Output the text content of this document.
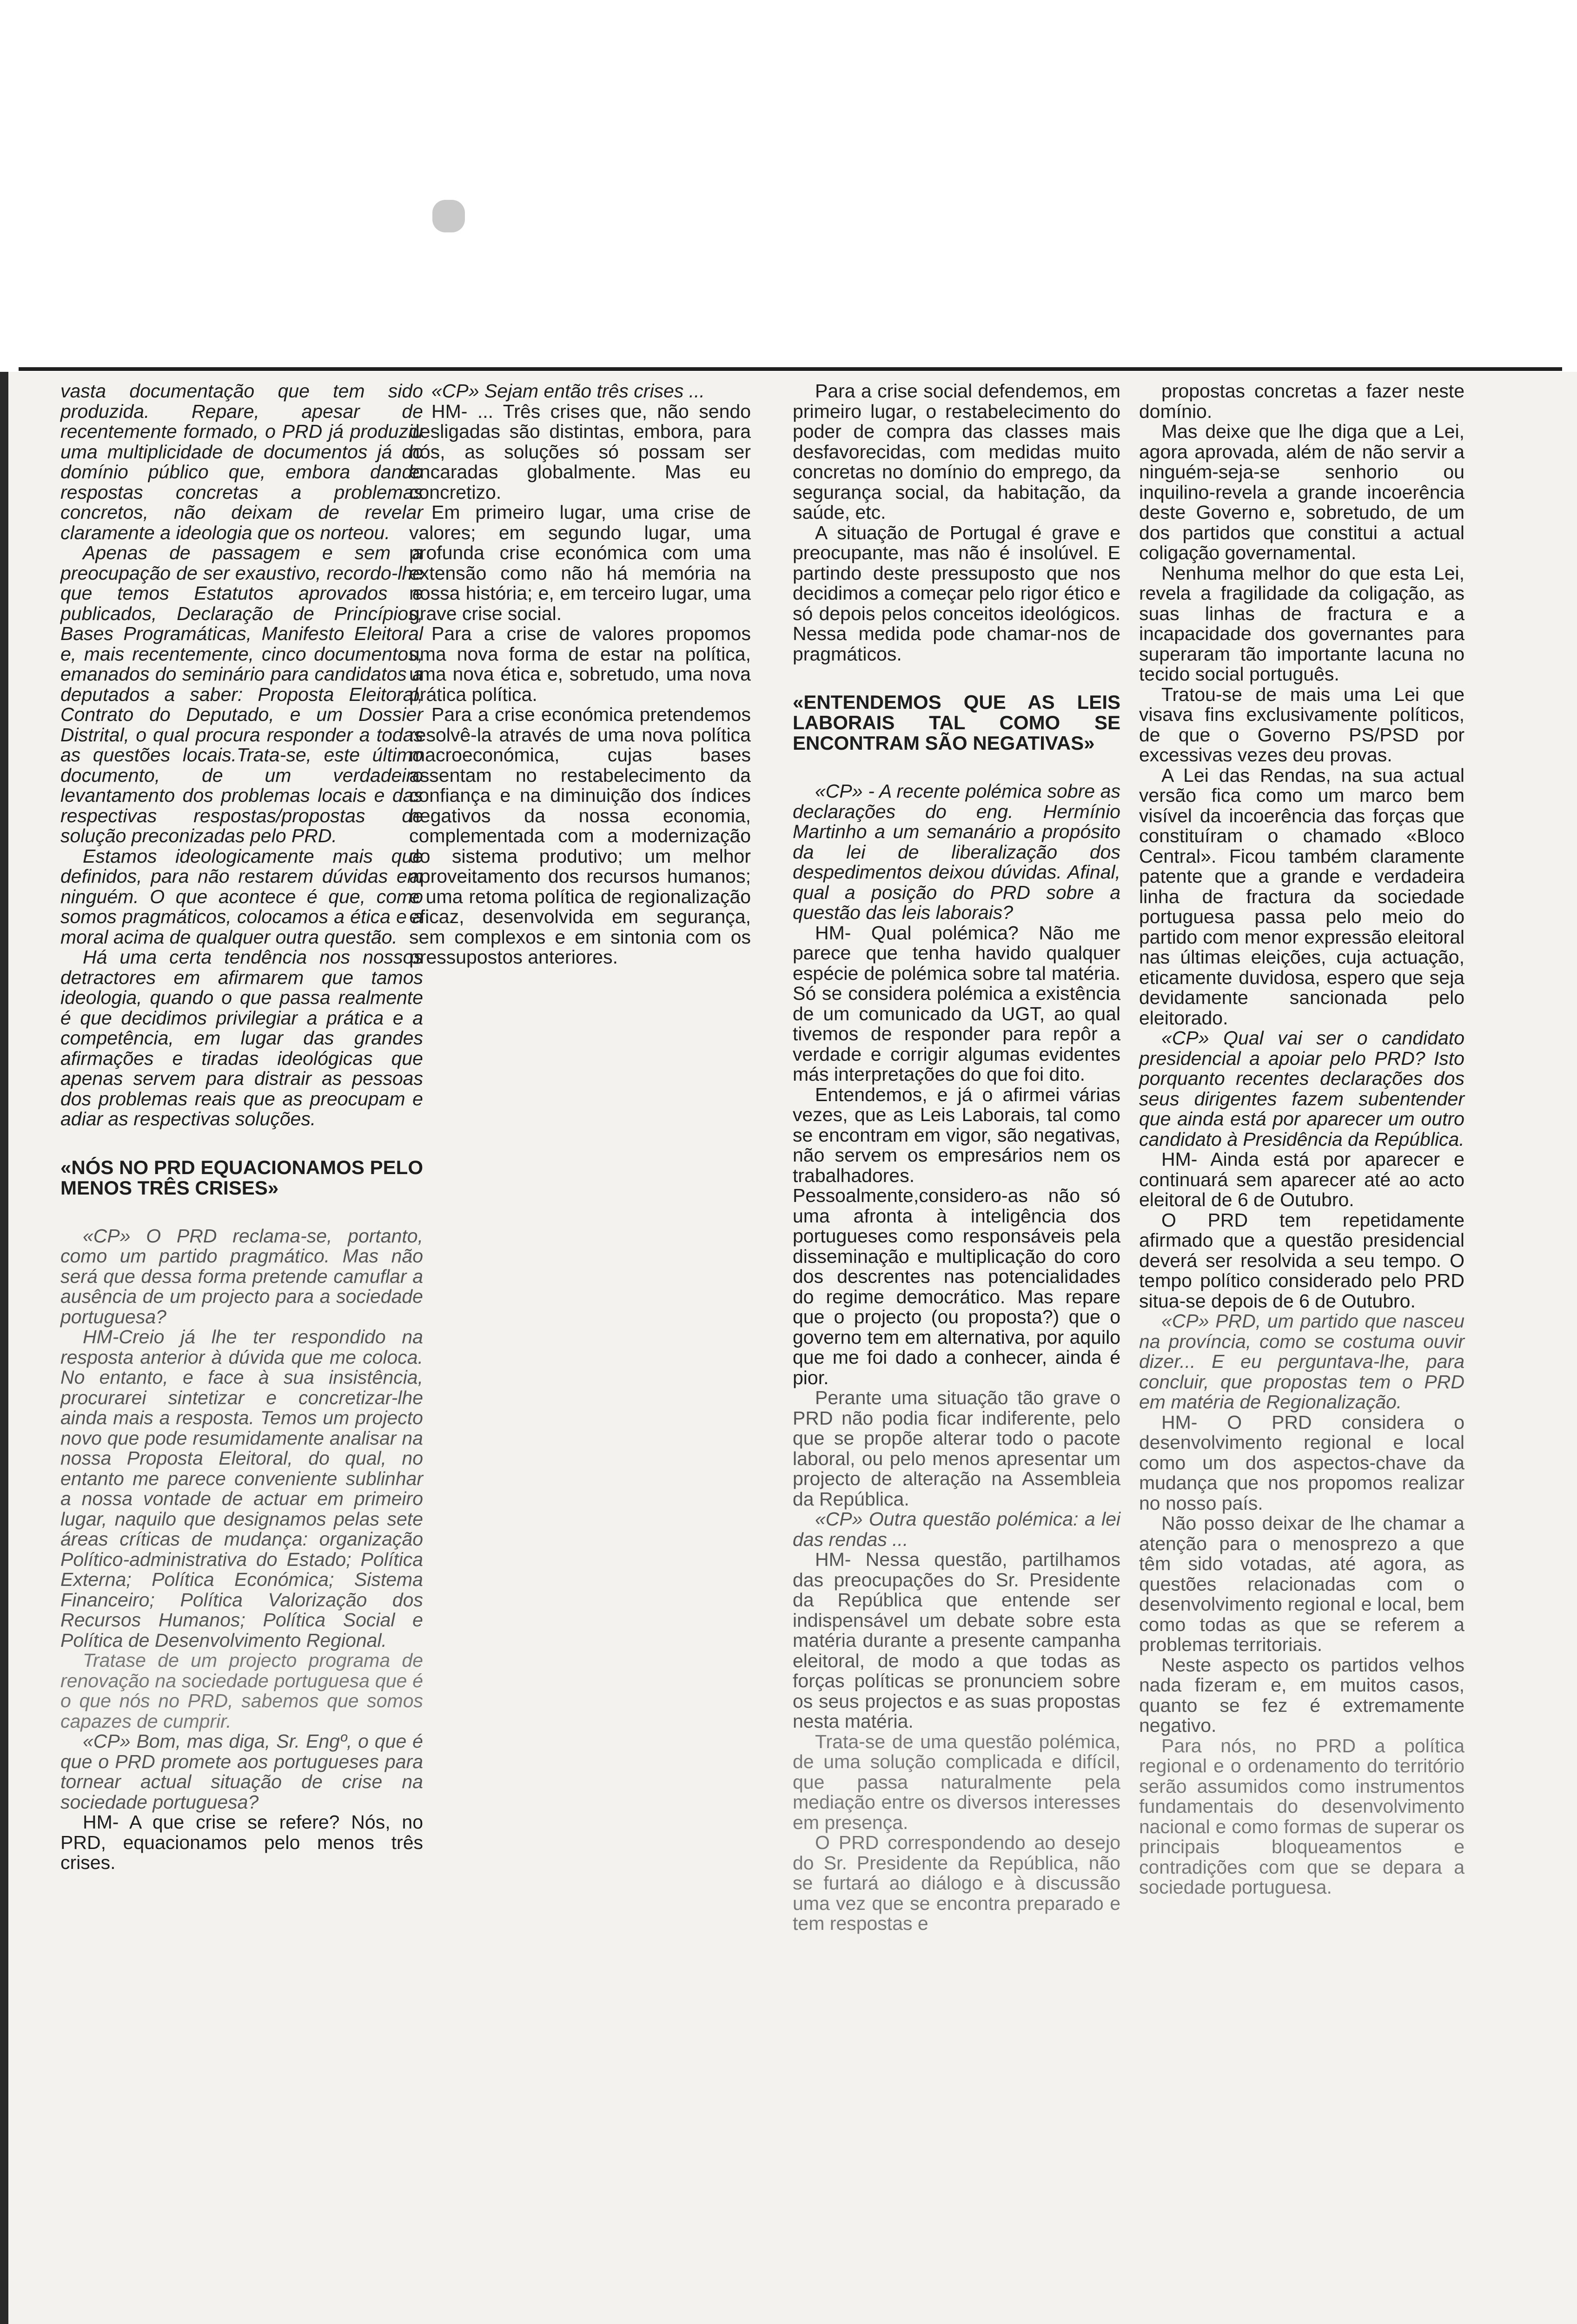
vasta documentação que tem sido produzida. Repare, apesar de recentemente formado, o PRD já produziu uma multiplicidade de documentos já do domínio público que, embora dando respostas concretas a problemas concretos, não deixam de revelar claramente a ideologia que os norteou.

Apenas de passagem e sem a preocupação de ser exaustivo, recordo-lhe que temos Estatutos aprovados e publicados, Declaração de Princípios, Bases Programáticas, Manifesto Eleitoral e, mais recentemente, cinco documentos, emanados do seminário para candidatos a deputados a saber: Proposta Eleitoral, Contrato do Deputado, e um Dossier Distrital, o qual procura responder a todas as questões locais.Trata-se, este último documento, de um verdadeiro levantamento dos problemas locais e das respectivas respostas/propostas de solução preconizadas pelo PRD.

Estamos ideologicamente mais que definidos, para não restarem dúvidas em ninguém. O que acontece é que, como somos pragmáticos, colocamos a ética e a moral acima de qualquer outra questão.

Há uma certa tendência nos nossos detractores em afirmarem que tamos ideologia, quando o que passa realmente é que decidimos privilegiar a prática e a competência, em lugar das grandes afirmações e tiradas ideológicas que apenas servem para distrair as pessoas dos problemas reais que as preocupam e adiar as respectivas soluções.

«NÓS NO PRD EQUACIONAMOS PELO MENOS TRÊS CRISES»

«CP» O PRD reclama-se, portanto, como um partido pragmático. Mas não será que dessa forma pretende camuflar a ausência de um projecto para a sociedade portuguesa?

HM-Creio já lhe ter respondido na resposta anterior à dúvida que me coloca. No entanto, e face à sua insistência, procurarei sintetizar e concretizar-lhe ainda mais a resposta. Temos um projecto novo que pode resumidamente analisar na nossa Proposta Eleitoral, do qual, no entanto me parece conveniente sublinhar a nossa vontade de actuar em primeiro lugar, naquilo que designamos pelas sete áreas críticas de mudança: organização Político-administrativa do Estado; Política Externa; Política Económica; Sistema Financeiro; Política Valorização dos Recursos Humanos; Política Social e Política de Desenvolvimento Regional.

Tratase de um projecto programa de renovação na sociedade portuguesa que é o que nós no PRD, sabemos que somos capazes de cumprir.

«CP» Bom, mas diga, Sr. Engº, o que é que o PRD promete aos portugueses para tornear actual situação de crise na sociedade portuguesa?

HM- A que crise se refere? Nós, no PRD, equacionamos pelo menos três crises.

«CP» Sejam então três crises ...

HM- ... Três crises que, não sendo desligadas são distintas, embora, para nós, as soluções só possam ser encaradas globalmente. Mas eu concretizo.

Em primeiro lugar, uma crise de valores; em segundo lugar, uma profunda crise económica com uma extensão como não há memória na nossa história; e, em terceiro lugar, uma grave crise social.

Para a crise de valores propomos uma nova forma de estar na política, uma nova ética e, sobretudo, uma nova prática política.

Para a crise económica pretendemos resolvê-la através de uma nova política macroeconómica, cujas bases assentam no restabelecimento da confiança e na diminuição dos índices negativos da nossa economia, complementada com a modernização do sistema produtivo; um melhor aproveitamento dos recursos humanos; e uma retoma política de regionalização eficaz, desenvolvida em segurança, sem complexos e em sintonia com os pressupostos anteriores.

Para a crise social defendemos, em primeiro lugar, o restabelecimento do poder de compra das classes mais desfavorecidas, com medidas muito concretas no domínio do emprego, da segurança social, da habitação, da saúde, etc.

A situação de Portugal é grave e preocupante, mas não é insolúvel. E partindo deste pressuposto que nos decidimos a começar pelo rigor ético e só depois pelos conceitos ideológicos. Nessa medida pode chamar-nos de pragmáticos.

«ENTENDEMOS QUE AS LEIS LABORAIS TAL COMO SE ENCONTRAM SÃO NEGATIVAS»

«CP» - A recente polémica sobre as declarações do eng. Hermínio Martinho a um semanário a propósito da lei de liberalização dos despedimentos deixou dúvidas. Afinal, qual a posição do PRD sobre a questão das leis laborais?

HM- Qual polémica? Não me parece que tenha havido qualquer espécie de polémica sobre tal matéria. Só se considera polémica a existência de um comunicado da UGT, ao qual tivemos de responder para repôr a verdade e corrigir algumas evidentes más interpretações do que foi dito.

Entendemos, e já o afirmei várias vezes, que as Leis Laborais, tal como se encontram em vigor, são negativas, não servem os empresários nem os trabalhadores. Pessoalmente,considero-as não só uma afronta à inteligência dos portugueses como responsáveis pela disseminação e multiplicação do coro dos descrentes nas potencialidades do regime democrático. Mas repare que o projecto (ou proposta?) que o governo tem em alternativa, por aquilo que me foi dado a conhecer, ainda é pior.

Perante uma situação tão grave o PRD não podia ficar indiferente, pelo que se propõe alterar todo o pacote laboral, ou pelo menos apresentar um projecto de alteração na Assembleia da República.

«CP» Outra questão polémica: a lei das rendas ...

HM- Nessa questão, partilhamos das preocupações do Sr. Presidente da República que entende ser indispensável um debate sobre esta matéria durante a presente campanha eleitoral, de modo a que todas as forças políticas se pronunciem sobre os seus projectos e as suas propostas nesta matéria.

Trata-se de uma questão polémica, de uma solução complicada e difícil, que passa naturalmente pela mediação entre os diversos interesses em presença.

O PRD correspondendo ao desejo do Sr. Presidente da República, não se furtará ao diálogo e à discussão uma vez que se encontra preparado e tem respostas e

propostas concretas a fazer neste domínio.

Mas deixe que lhe diga que a Lei, agora aprovada, além de não servir a ninguém-seja-se senhorio ou inquilino-revela a grande incoerência deste Governo e, sobretudo, de um dos partidos que constitui a actual coligação governamental.

Nenhuma melhor do que esta Lei, revela a fragilidade da coligação, as suas linhas de fractura e a incapacidade dos governantes para superaram tão importante lacuna no tecido social português.

Tratou-se de mais uma Lei que visava fins exclusivamente políticos, de que o Governo PS/PSD por excessivas vezes deu provas.

A Lei das Rendas, na sua actual versão fica como um marco bem visível da incoerência das forças que constituíram o chamado «Bloco Central». Ficou também claramente patente que a grande e verdadeira linha de fractura da sociedade portuguesa passa pelo meio do partido com menor expressão eleitoral nas últimas eleições, cuja actuação, eticamente duvidosa, espero que seja devidamente sancionada pelo eleitorado.

«CP» Qual vai ser o candidato presidencial a apoiar pelo PRD? Isto porquanto recentes declarações dos seus dirigentes fazem subentender que ainda está por aparecer um outro candidato à Presidência da República.

HM- Ainda está por aparecer e continuará sem aparecer até ao acto eleitoral de 6 de Outubro.

O PRD tem repetidamente afirmado que a questão presidencial deverá ser resolvida a seu tempo. O tempo político considerado pelo PRD situa-se depois de 6 de Outubro.

«CP» PRD, um partido que nasceu na província, como se costuma ouvir dizer... E eu perguntava-lhe, para concluir, que propostas tem o PRD em matéria de Regionalização.

HM- O PRD considera o desenvolvimento regional e local como um dos aspectos-chave da mudança que nos propomos realizar no nosso país.

Não posso deixar de lhe chamar a atenção para o menosprezo a que têm sido votadas, até agora, as questões relacionadas com o desenvolvimento regional e local, bem como todas as que se referem a problemas territoriais.

Neste aspecto os partidos velhos nada fizeram e, em muitos casos, quanto se fez é extremamente negativo.

Para nós, no PRD a política regional e o ordenamento do território serão assumidos como instrumentos fundamentais do desenvolvimento nacional e como formas de superar os principais bloqueamentos e contradições com que se depara a sociedade portuguesa.
